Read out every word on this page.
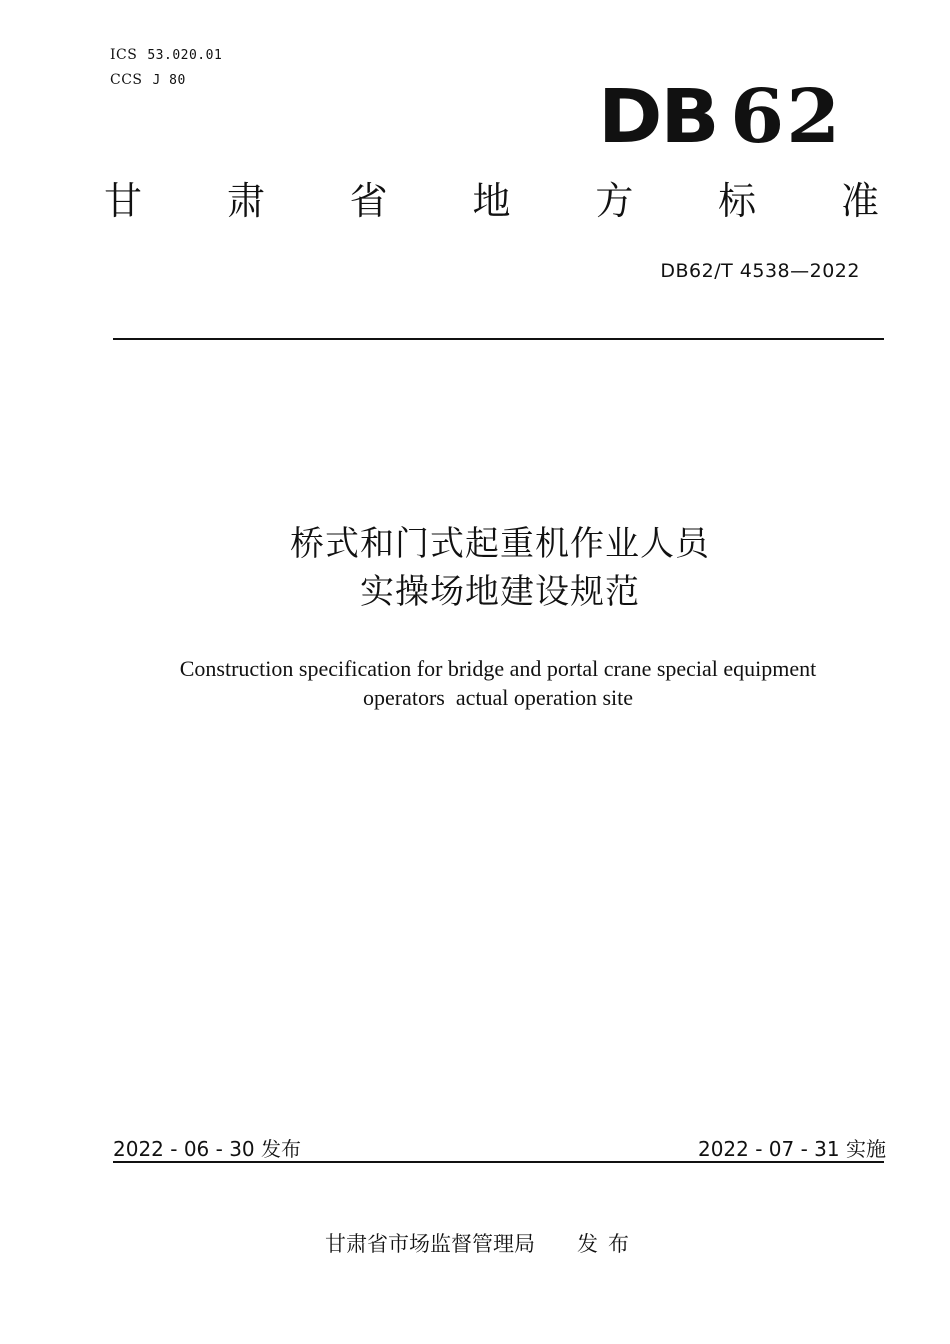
ICS 53.020.01
CCS J 80	DB 62
甘 肃 省 地 方 标 准
DB62/T 4538—2022
桥式和门式起重机作业人员
实操场地建设规范
Construction specification for bridge and portal crane special equipment
operators  actual operation site
2022 - 06 - 30 发布	2022 - 07 - 31 实施
甘肃省市场监督管理局 发布
